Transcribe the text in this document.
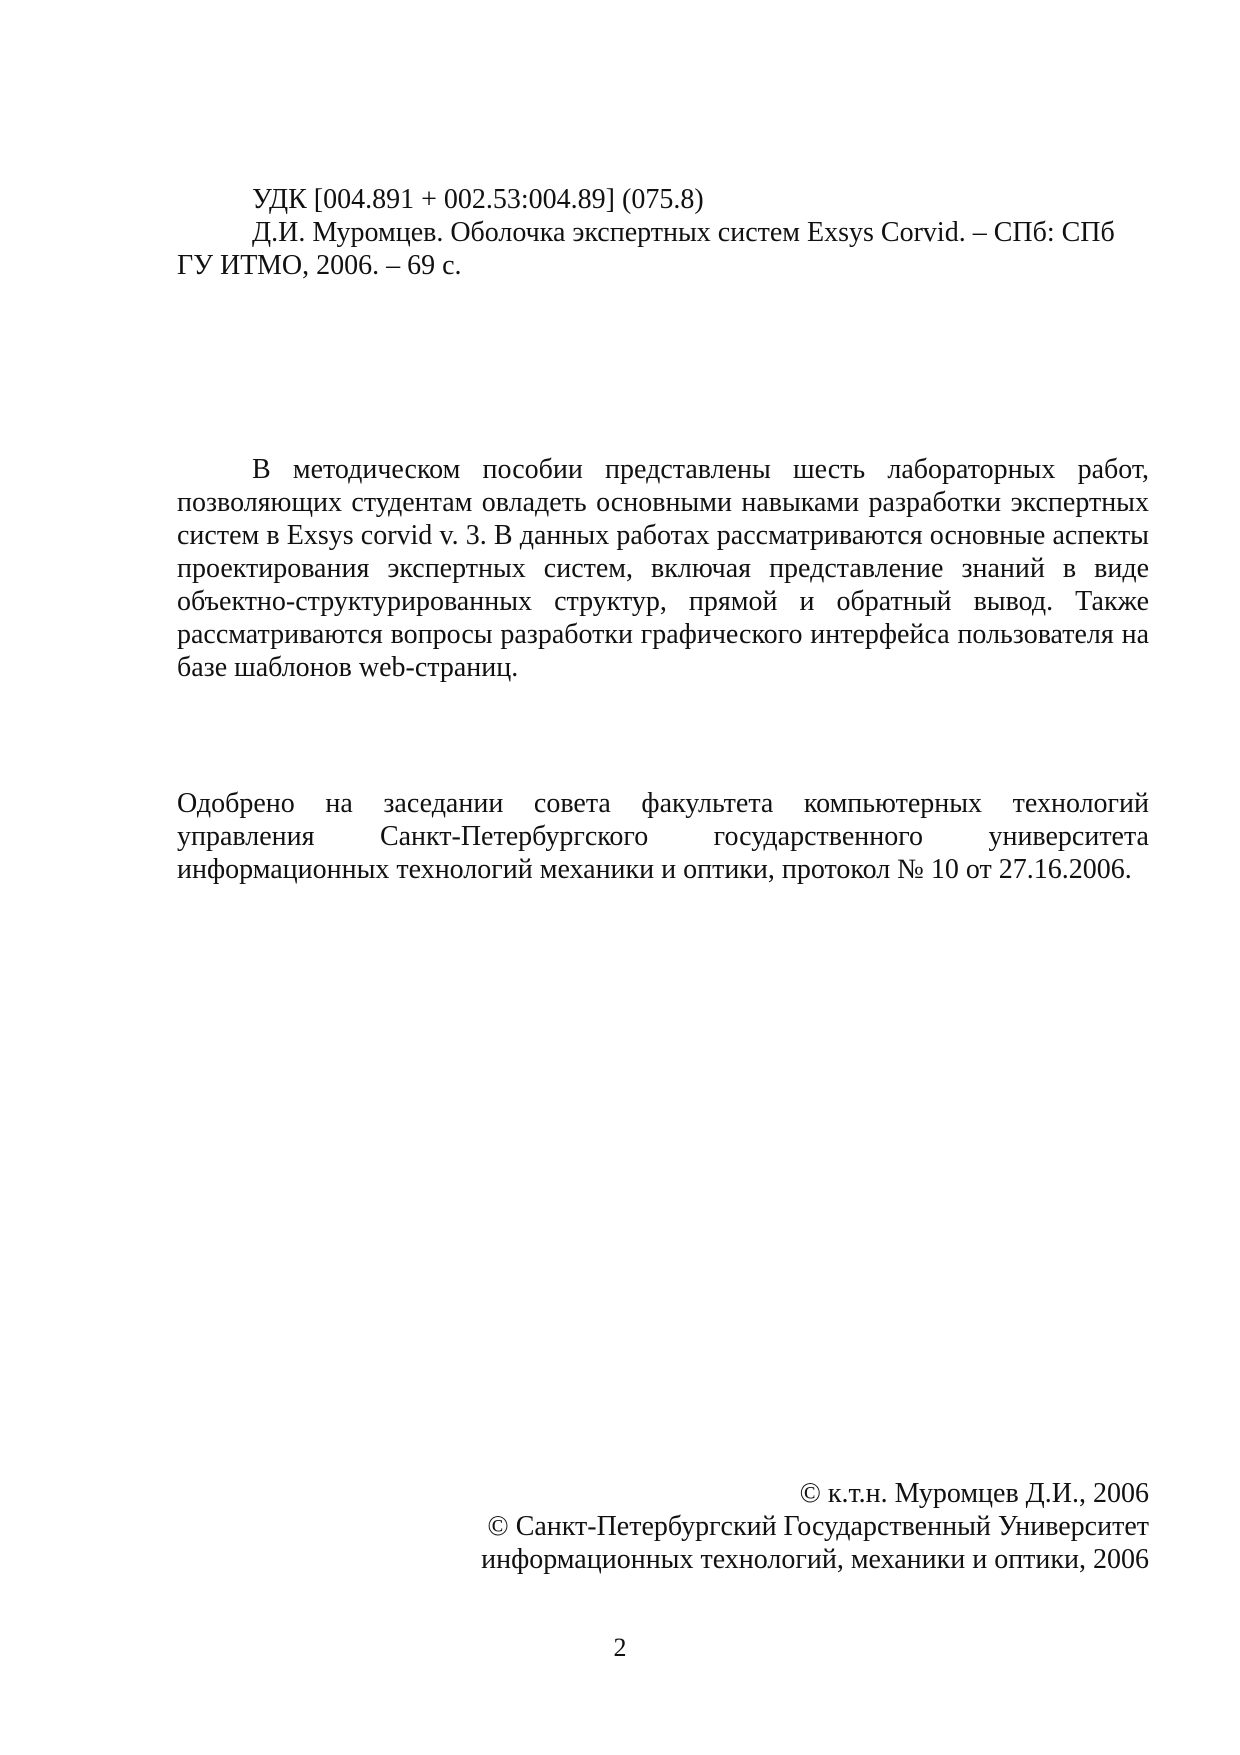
УДК [004.891 + 002.53:004.89] (075.8)

Д.И. Муромцев. Оболочка экспертных систем Exsys Corvid. – СПб: СПб ГУ ИТМО, 2006. – 69 с.

В методическом пособии представлены шесть лабораторных работ, позволяющих студентам овладеть основными навыками разработки экспертных систем в Exsys corvid v. 3. В данных работах рассматриваются основные аспекты проектирования экспертных систем, включая представление знаний в виде объектно-структурированных структур, прямой и обратный вывод. Также рассматриваются вопросы разработки графического интерфейса пользователя на базе шаблонов web-страниц.

Одобрено на заседании совета факультета компьютерных технологий управления Санкт-Петербургского государственного университета информационных технологий механики и оптики, протокол № 10 от 27.16.2006.

© к.т.н. Муромцев Д.И., 2006

© Санкт-Петербургский Государственный Университет

информационных технологий, механики и оптики, 2006

2
